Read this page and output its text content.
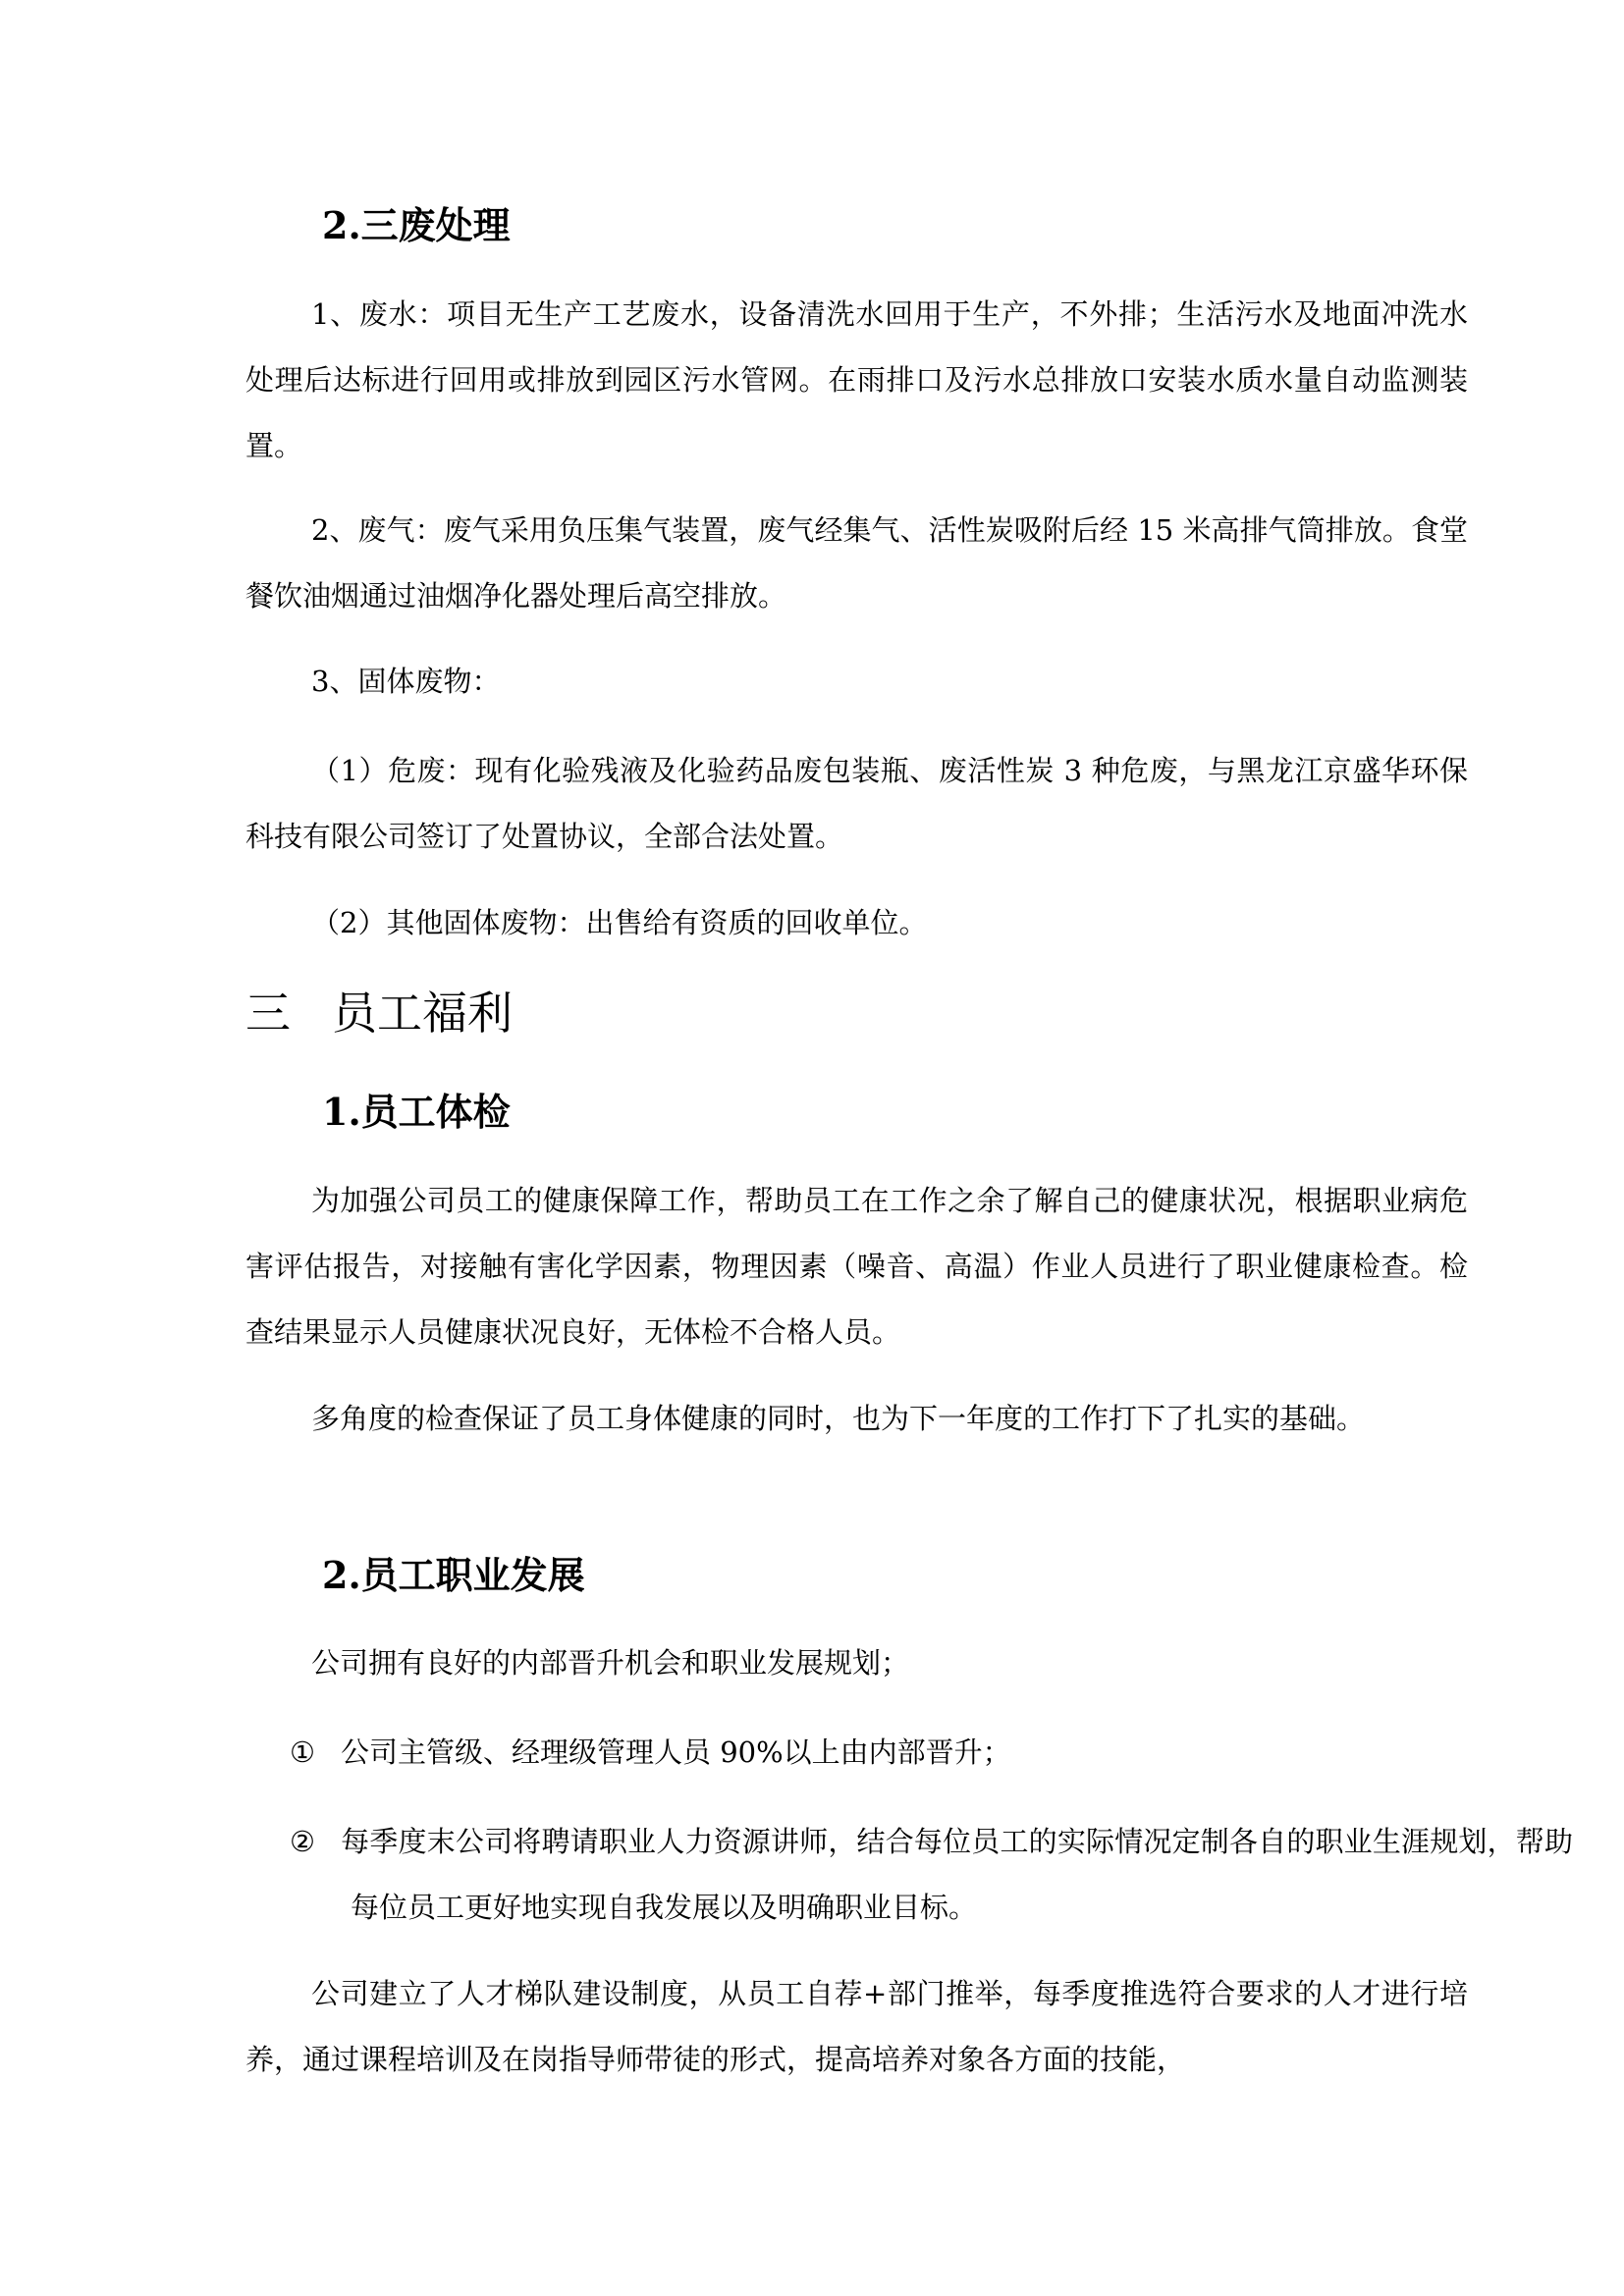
2.三废处理

1、废水：项目无生产工艺废水，设备清洗水回用于生产，不外排；生活污水及地面冲洗水处理后达标进行回用或排放到园区污水管网。在雨排口及污水总排放口安装水质水量自动监测装置。

2、废气：废气采用负压集气装置，废气经集气、活性炭吸附后经 15 米高排气筒排放。食堂餐饮油烟通过油烟净化器处理后高空排放。

3、固体废物：

（1）危废：现有化验残液及化验药品废包装瓶、废活性炭 3 种危废，与黑龙江京盛华环保科技有限公司签订了处置协议，全部合法处置。

（2）其他固体废物：出售给有资质的回收单位。

三 员工福利
1.员工体检

为加强公司员工的健康保障工作，帮助员工在工作之余了解自己的健康状况，根据职业病危害评估报告，对接触有害化学因素，物理因素（噪音、高温）作业人员进行了职业健康检查。检查结果显示人员健康状况良好，无体检不合格人员。

多角度的检查保证了员工身体健康的同时，也为下一年度的工作打下了扎实的基础。

2.员工职业发展

公司拥有良好的内部晋升机会和职业发展规划；

① 公司主管级、经理级管理人员 90%以上由内部晋升；

② 每季度末公司将聘请职业人力资源讲师，结合每位员工的实际情况定制各自的职业生涯规划，帮助每位员工更好地实现自我发展以及明确职业目标。

公司建立了人才梯队建设制度，从员工自荐+部门推举，每季度推选符合要求的人才进行培养，通过课程培训及在岗指导师带徒的形式，提高培养对象各方面的技能，
